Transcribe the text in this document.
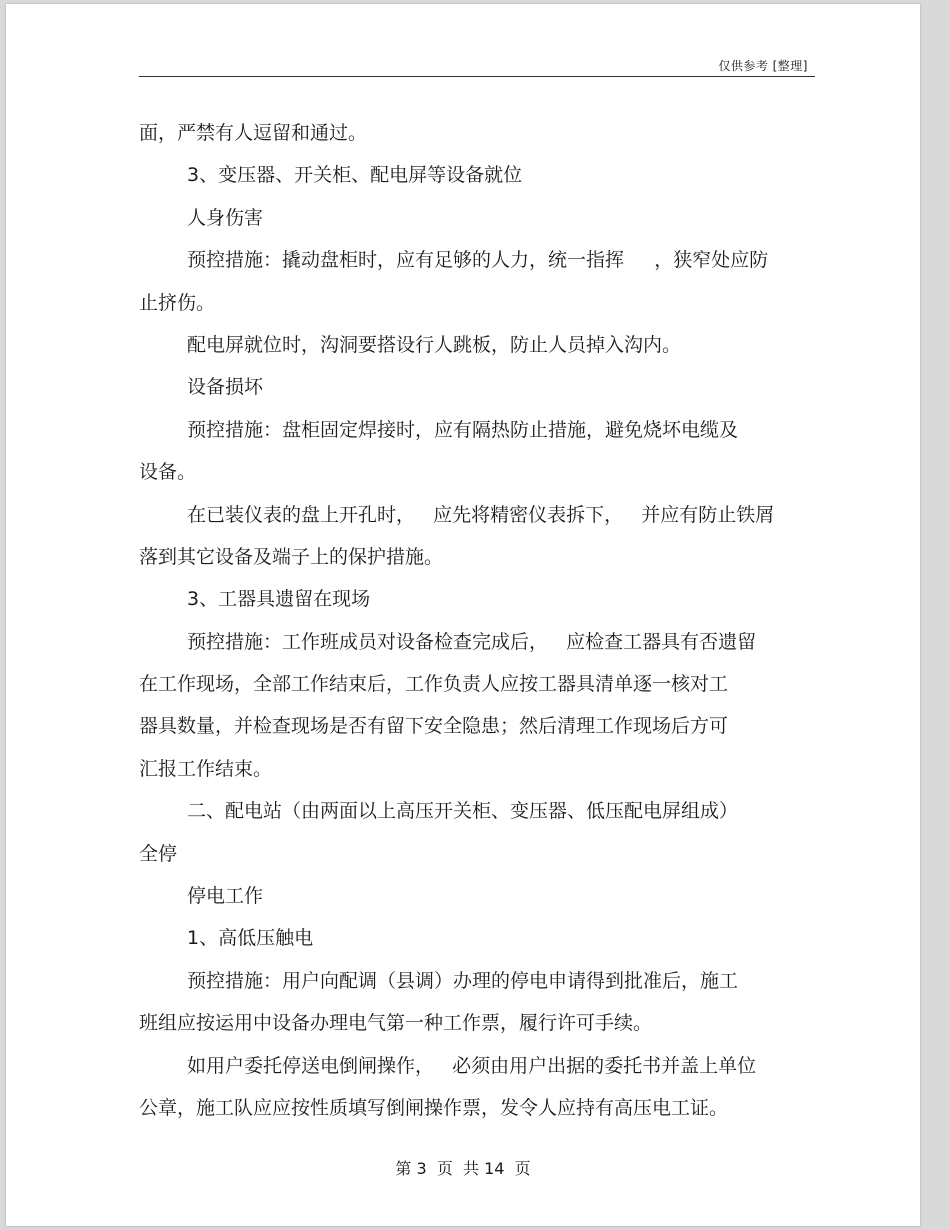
仅供参考 [整理]
面，严禁有人逗留和通过。
3、变压器、开关柜、配电屏等设备就位
人身伤害
预控措施：撬动盘柜时，应有足够的人力，统一指挥     ，狭窄处应防
止挤伤。
配电屏就位时，沟洞要搭设行人跳板，防止人员掉入沟内。
设备损坏
预控措施：盘柜固定焊接时，应有隔热防止措施，避免烧坏电缆及
设备。
在已装仪表的盘上开孔时，   应先将精密仪表拆下，   并应有防止铁屑
落到其它设备及端子上的保护措施。
3、工器具遗留在现场
预控措施：工作班成员对设备检查完成后，   应检查工器具有否遗留
在工作现场，全部工作结束后，工作负责人应按工器具清单逐一核对工
器具数量，并检查现场是否有留下安全隐患；然后清理工作现场后方可
汇报工作结束。
二、配电站（由两面以上高压开关柜、变压器、低压配电屏组成）
全停
停电工作
1、高低压触电
预控措施：用户向配调（县调）办理的停电申请得到批准后，施工
班组应按运用中设备办理电气第一种工作票，履行许可手续。
如用户委托停送电倒闸操作，   必须由用户出据的委托书并盖上单位
公章，施工队应应按性质填写倒闸操作票，发令人应持有高压电工证。
第 3  页  共 14  页
